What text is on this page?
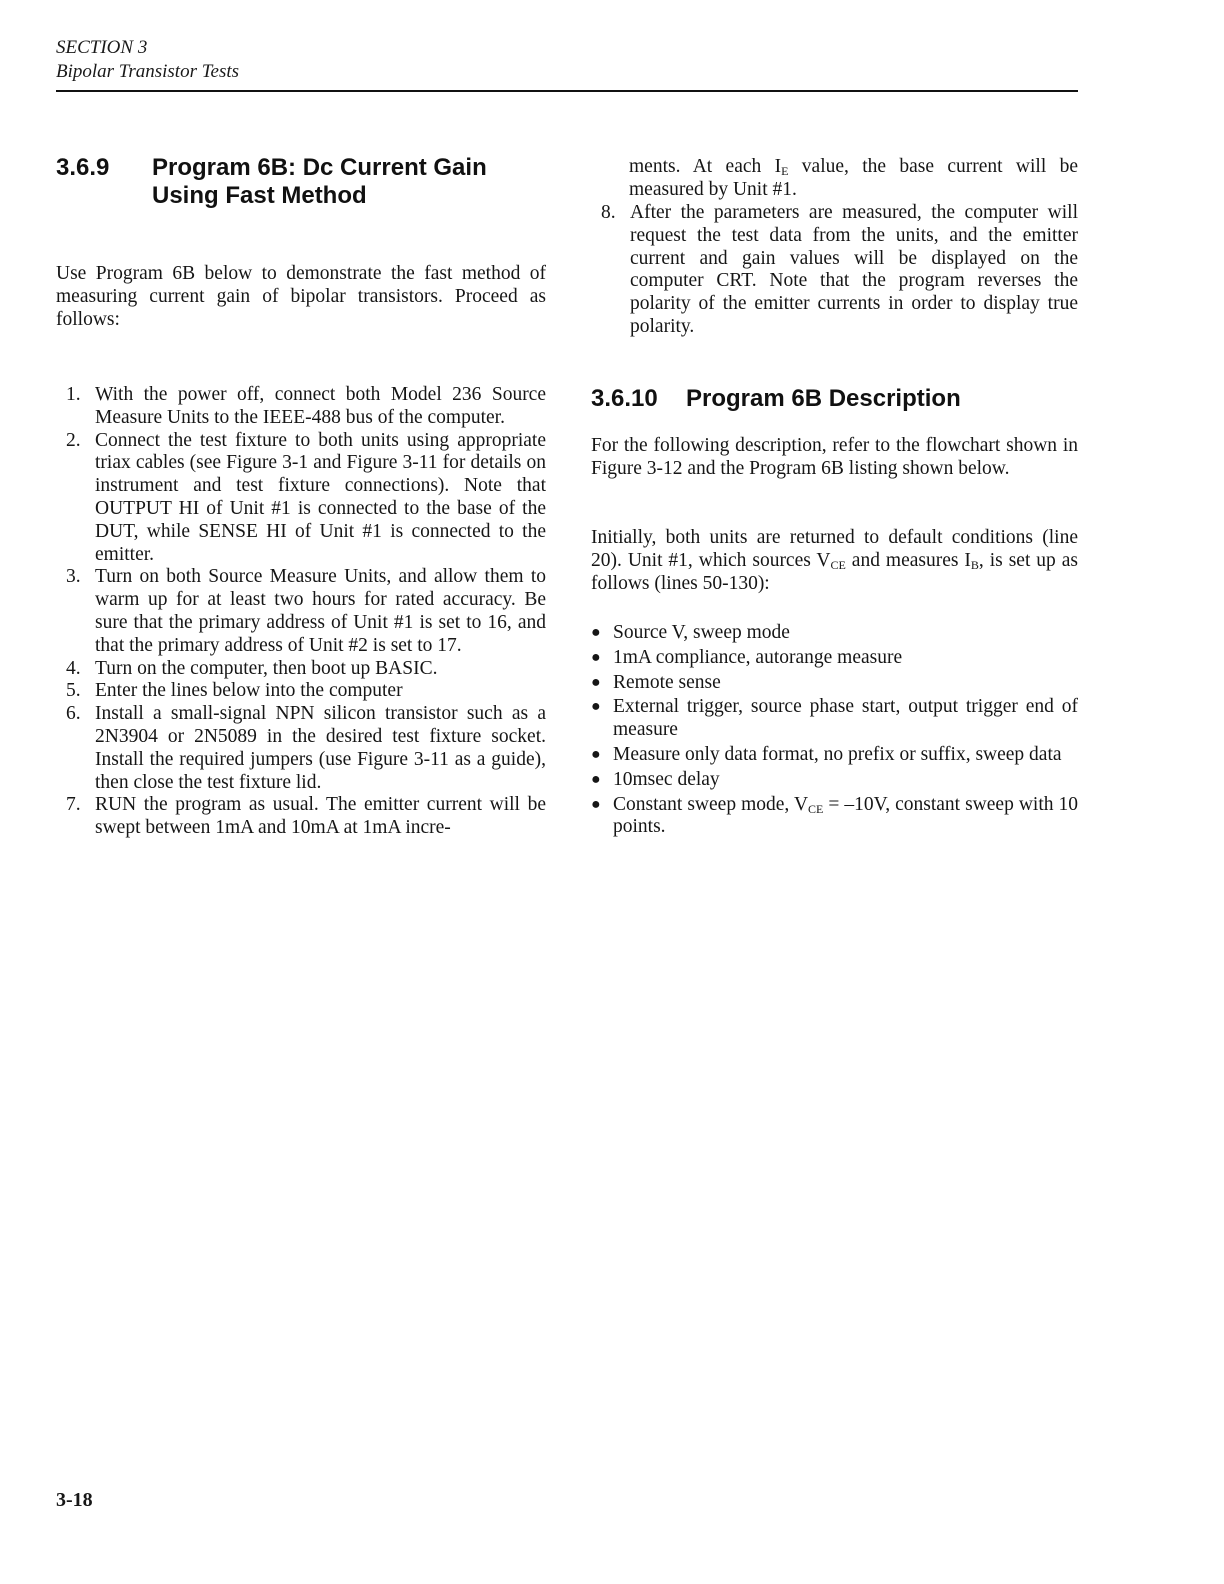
SECTION 3
Bipolar Transistor Tests
3.6.9	Program 6B: Dc Current Gain
Using Fast Method

Use Program 6B below to demonstrate the fast method of measuring current gain of bipolar transistors. Proceed as follows:

1. With the power off, connect both Model 236 Source Measure Units to the IEEE-488 bus of the computer.
2. Connect the test fixture to both units using appropriate triax cables (see Figure 3-1 and Figure 3-11 for details on instrument and test fixture connections). Note that OUTPUT HI of Unit #1 is connected to the base of the DUT, while SENSE HI of Unit #1 is connected to the emitter.
3. Turn on both Source Measure Units, and allow them to warm up for at least two hours for rated accuracy. Be sure that the primary address of Unit #1 is set to 16, and that the primary address of Unit #2 is set to 17.
4. Turn on the computer, then boot up BASIC.
5. Enter the lines below into the computer
6. Install a small-signal NPN silicon transistor such as a 2N3904 or 2N5089 in the desired test fixture socket. Install the required jumpers (use Figure 3-11 as a guide), then close the test fixture lid.
7. RUN the program as usual. The emitter current will be swept between 1mA and 10mA at 1mA incre-

ments. At each $I_E$ value, the base current will be measured by Unit #1.

8. After the parameters are measured, the computer will request the test data from the units, and the emitter current and gain values will be displayed on the computer CRT. Note that the program reverses the polarity of the emitter currents in order to display true polarity.
3.6.10	Program 6B Description

For the following description, refer to the flowchart shown in Figure 3-12 and the Program 6B listing shown below.

Initially, both units are returned to default conditions (line 20). Unit #1, which sources $V_{CE}$ and measures $I_B$, is set up as follows (lines 50-130):

● Source V, sweep mode
● 1mA compliance, autorange measure
● Remote sense
● External trigger, source phase start, output trigger end of measure
● Measure only data format, no prefix or suffix, sweep data
● 10msec delay
● Constant sweep mode, $V_{CE} = -10V$, constant sweep with 10 points.
3-18
